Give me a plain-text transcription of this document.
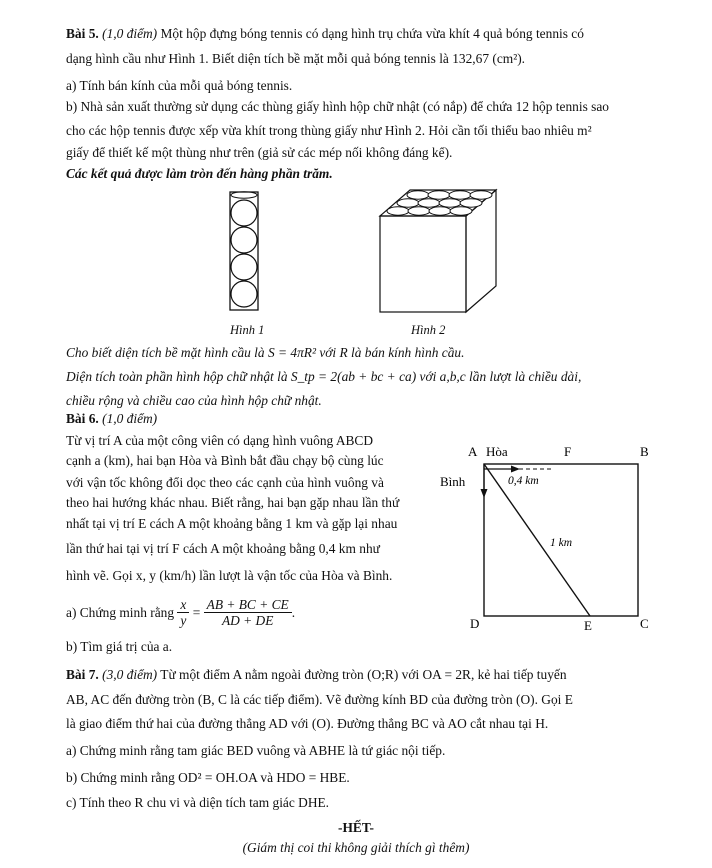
Bài 5. (1,0 điểm) Một hộp đựng bóng tennis có dạng hình trụ chứa vừa khít 4 quả bóng tennis có
dạng hình cầu như Hình 1. Biết diện tích bề mặt mỗi quả bóng tennis là 132,67 (cm²).
a) Tính bán kính của mỗi quả bóng tennis.
b) Nhà sản xuất thường sử dụng các thùng giấy hình hộp chữ nhật (có nắp) để chứa 12 hộp tennis sao
cho các hộp tennis được xếp vừa khít trong thùng giấy như Hình 2. Hỏi cần tối thiểu bao nhiêu m²
giấy để thiết kế một thùng như trên (giả sử các mép nối không đáng kể).
Các kết quả được làm tròn đến hàng phần trăm.
Hình 1	Hình 2
Cho biết diện tích bề mặt hình cầu là S = 4πR² với R là bán kính hình cầu.
Diện tích toàn phần hình hộp chữ nhật là S_tp = 2(ab + bc + ca) với a,b,c lần lượt là chiều dài,
chiều rộng và chiều cao của hình hộp chữ nhật.
Bài 6. (1,0 điểm)
Từ vị trí A của một công viên có dạng hình vuông ABCD
cạnh a (km), hai bạn Hòa và Bình bắt đầu chạy bộ cùng lúc
với vận tốc không đổi dọc theo các cạnh của hình vuông và
theo hai hướng khác nhau. Biết rằng, hai bạn gặp nhau lần thứ
nhất tại vị trí E cách A một khoảng bằng 1 km và gặp lại nhau
lần thứ hai tại vị trí F cách A một khoảng bằng 0,4 km như
hình vẽ. Gọi x, y (km/h) lần lượt là vận tốc của Hòa và Bình.
a) Chứng minh rằng $\frac{x}{y} = \frac{AB + BC + CE}{AD + DE}$ .
b) Tìm giá trị của a.
A Hòa	F	B
Bình	0,4 km
1 km
D	E	C
Bài 7. (3,0 điểm) Từ một điểm A nằm ngoài đường tròn (O;R) với OA = 2R, kẻ hai tiếp tuyến
AB, AC đến đường tròn (B, C là các tiếp điểm). Vẽ đường kính BD của đường tròn (O). Gọi E
là giao điểm thứ hai của đường thẳng AD với (O). Đường thẳng BC và AO cắt nhau tại H.
a) Chứng minh rằng tam giác BED vuông và ABHE là tứ giác nội tiếp.
b) Chứng minh rằng OD² = OH.OA và HDO = HBE.
c) Tính theo R chu vi và diện tích tam giác DHE.
-HẾT-
(Giám thị coi thi không giải thích gì thêm)
